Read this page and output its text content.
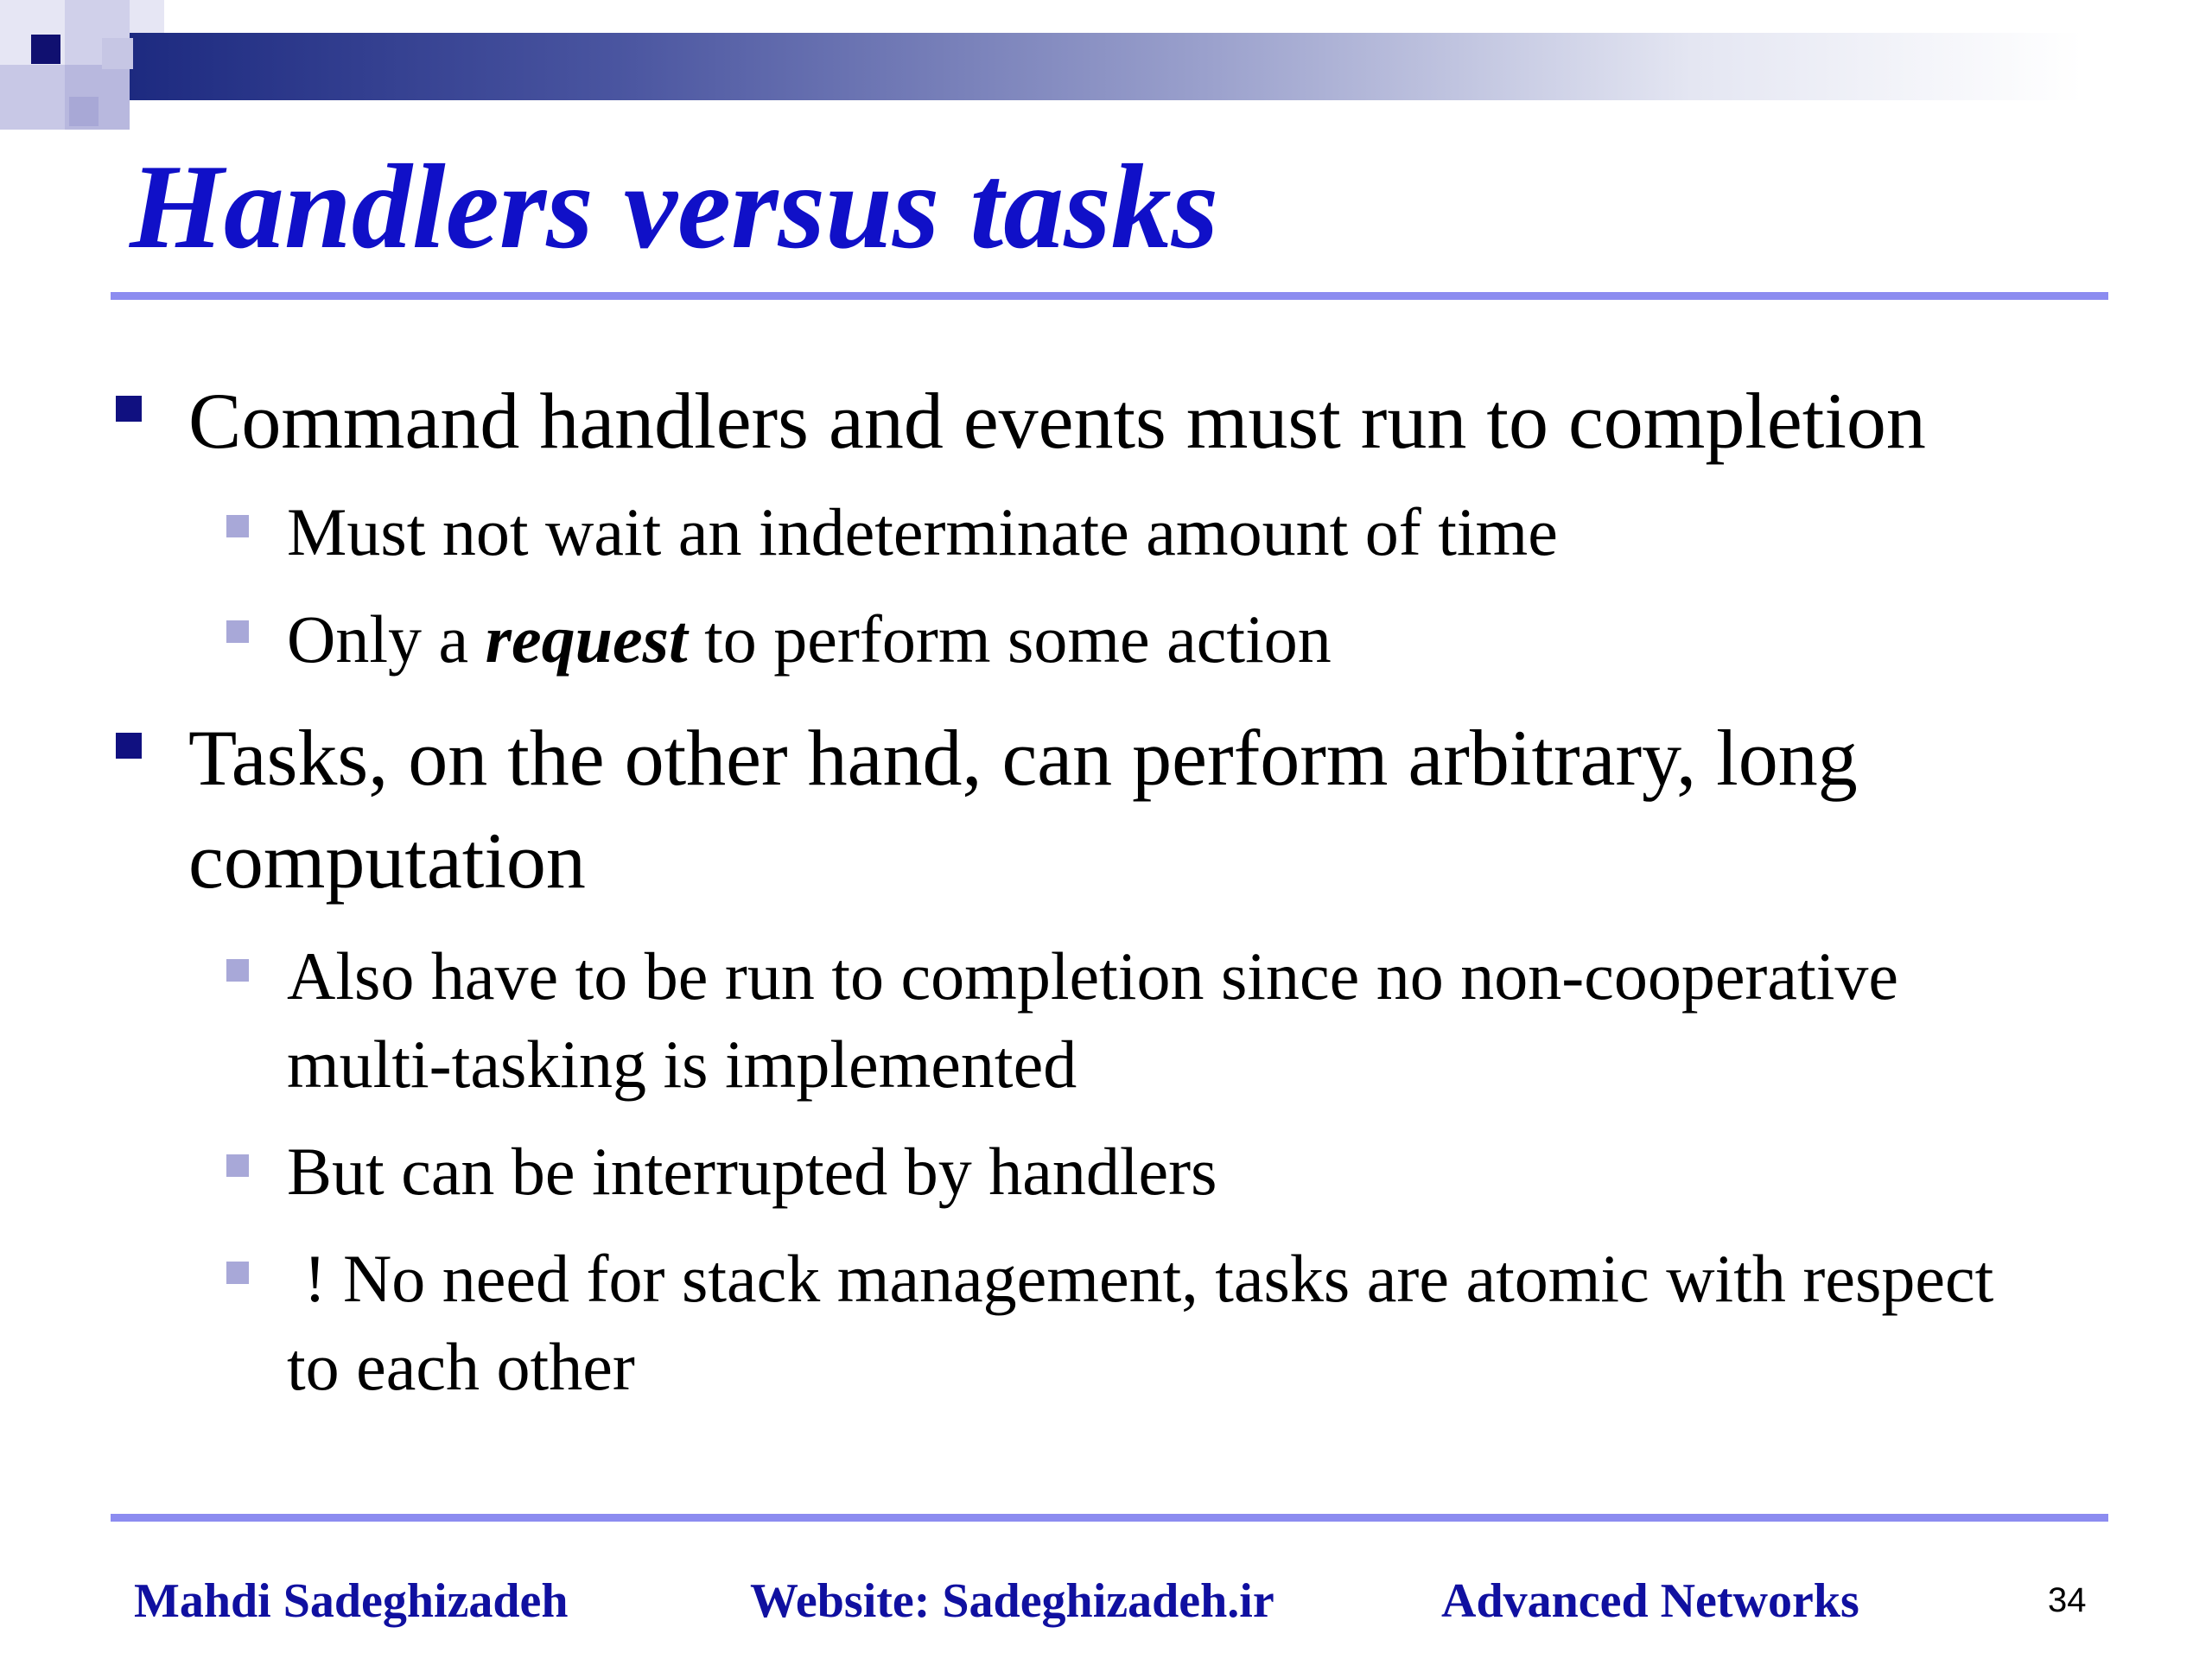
Handlers versus tasks
Command handlers and events must run to completion
Must not wait an indeterminate amount of time
Only a request to perform some action
Tasks, on the other hand, can perform arbitrary, long
computation
Also have to be run to completion since no non-cooperative
multi-tasking is implemented
But can be interrupted by handlers
! No need for stack management, tasks are atomic with respect
to each other
Mahdi Sadeghizadeh	Website: Sadeghizadeh.ir	Advanced Networks	34
